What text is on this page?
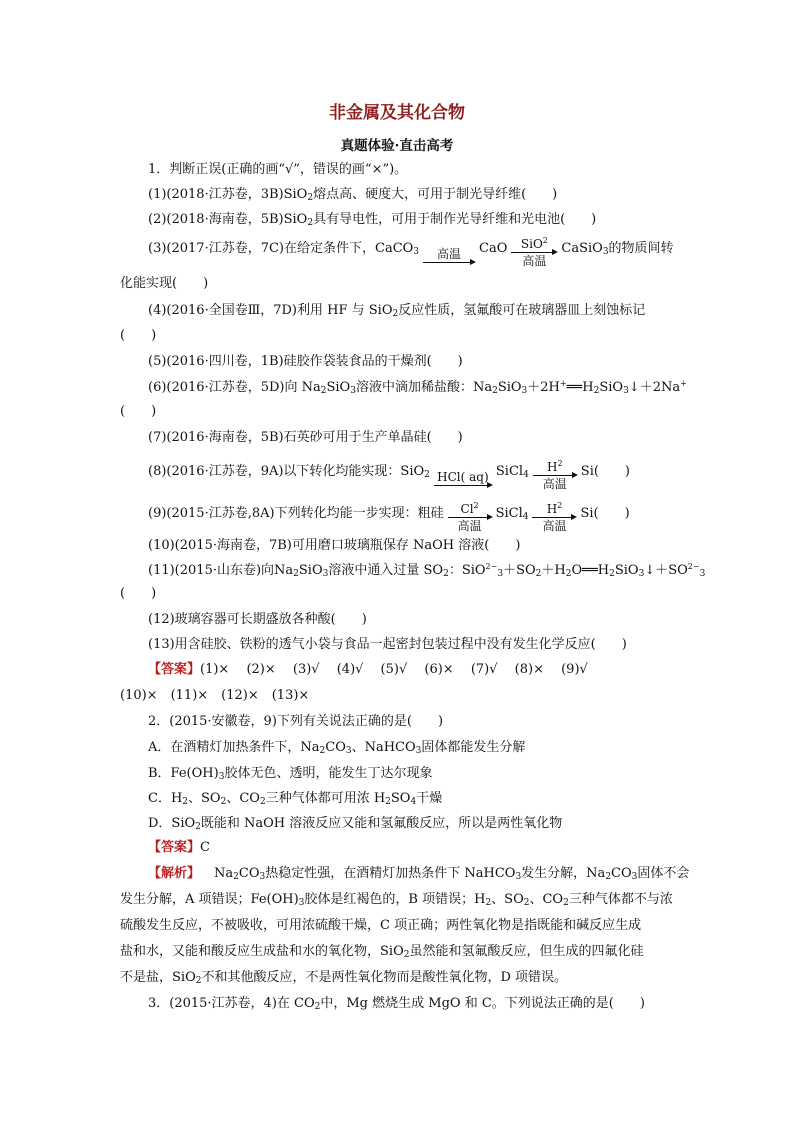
非金属及其化合物
真题体验·直击高考
1．判断正误(正确的画“√”，错误的画“×”)。
(1)(2018·江苏卷，3B)SiO$_2$熔点高、硬度大，可用于制光导纤维(　　)
(2)(2018·海南卷，5B)SiO$_2$具有导电性，可用于制作光导纤维和光电池(　　)
(3)(2017·江苏卷，7C)在给定条件下，CaCO$_3$	高温	CaO	SiO$^2$
高温
CaSiO$_3$的物质间转
化能实现(　　)
(4)(2016·全国卷Ⅲ，7D)利用 HF 与 SiO$_2$反应性质，氢氟酸可在玻璃器皿上刻蚀标记
(　　)
(5)(2016·四川卷，1B)硅胶作袋装食品的干燥剂(　　)
(6)(2016·江苏卷，5D)向 $Na_2SiO_3$溶液中滴加稀盐酸：$Na_2SiO_3+2H^+══H_2SiO_3↓+2Na^+$
(　　)
(7)(2016·海南卷，5B)石英砂可用于生产单晶硅(　　)
(8)(2016·江苏卷，9A)以下转化均能实现：SiO$_2$ HCl( aq) SiCl$_4$
$H^2$
高温
Si(　　)
(9)(2015·江苏卷,8A)下列转化均能一步实现：粗硅	Cl$^2$
高温
SiCl$_4$
$H^2$
高温
Si(　　)
(10)(2015·海南卷，7B)可用磨口玻璃瓶保存 NaOH 溶液(　　)
(11)(2015·山东卷)向$Na_2SiO_3$溶液中通入过量 $SO_2$：$SiO^{2-}_3+SO_2+H_2O══H_2SiO_3↓+SO^{2-}_3$
(　　)
(12)玻璃容器可长期盛放各种酸(　　)
(13)用含硅胶、铁粉的透气小袋与食品一起密封包装过程中没有发生化学反应(　　)
【答案】(1)×　 (2)×　 (3)√　 (4)√　 (5)√　 (6)×　 (7)√　 (8)×　 (9)√
(10)×　(11)×　(12)×　(13)×
2．(2015·安徽卷，9)下列有关说法正确的是(　　)
A．在酒精灯加热条件下，$Na_2CO_3$、NaHCO$_3$固体都能发生分解
B．$Fe(OH)_3$胶体无色、透明，能发生丁达尔现象
C．$H_2$、$SO_2$、$CO_2$三种气体都可用浓 $H_2SO_4$干燥
D．SiO$_2$既能和 NaOH 溶液反应又能和氢氟酸反应，所以是两性氧化物
【答案】C
【解析】 $Na_2CO_3$热稳定性强，在酒精灯加热条件下 NaHCO$_3$发生分解，$Na_2CO_3$固体不会
发生分解，A 项错误；$Fe(OH)_3$胶体是红褐色的，B 项错误；$H_2$、$SO_2$、$CO_2$三种气体都不与浓
硫酸发生反应，不被吸收，可用浓硫酸干燥，C 项正确；两性氧化物是指既能和碱反应生成
盐和水，又能和酸反应生成盐和水的氧化物，SiO$_2$虽然能和氢氟酸反应，但生成的四氟化硅
不是盐，SiO$_2$不和其他酸反应，不是两性氧化物而是酸性氧化物，D 项错误。
3．(2015·江苏卷，4)在 $CO_2$中，Mg 燃烧生成 MgO 和 C。下列说法正确的是(　　)
